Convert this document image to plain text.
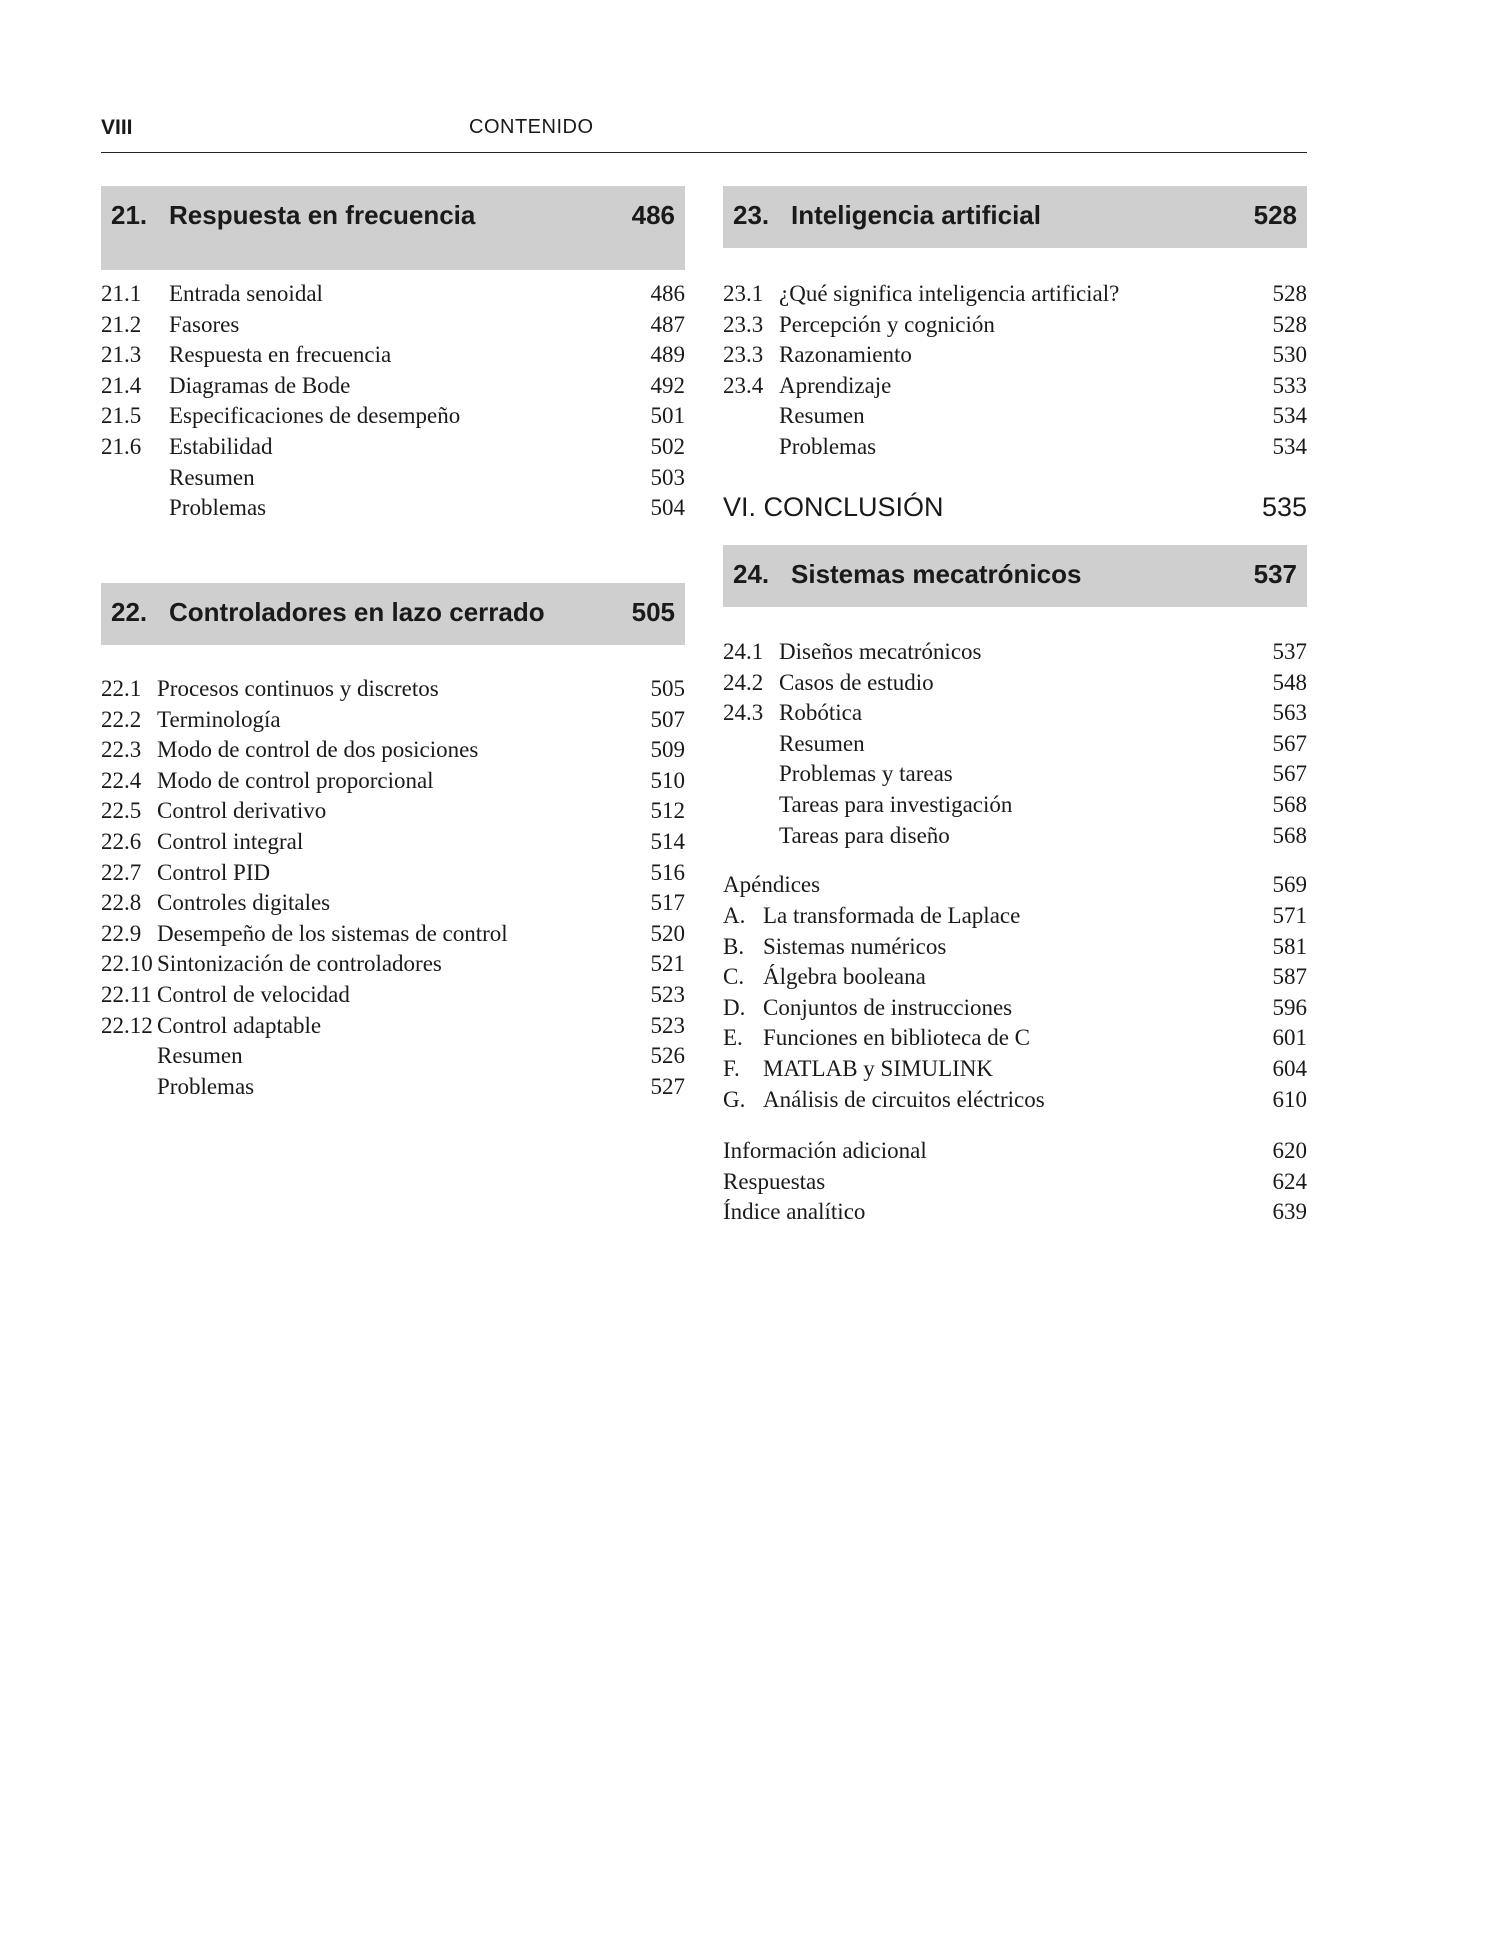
VIII	CONTENIDO
21. Respuesta en frecuencia	486
21.1 Entrada senoidal	486
21.2 Fasores	487
21.3 Respuesta en frecuencia	489
21.4 Diagramas de Bode	492
21.5 Especificaciones de desempeño	501
21.6 Estabilidad	502
Resumen	503
Problemas	504
22. Controladores en lazo cerrado	505
22.1 Procesos continuos y discretos	505
22.2 Terminología	507
22.3 Modo de control de dos posiciones	509
22.4 Modo de control proporcional	510
22.5 Control derivativo	512
22.6 Control integral	514
22.7 Control PID	516
22.8 Controles digitales	517
22.9 Desempeño de los sistemas de control	520
22.10 Sintonización de controladores	521
22.11 Control de velocidad	523
22.12 Control adaptable	523
Resumen	526
Problemas	527
23. Inteligencia artificial	528
23.1 ¿Qué significa inteligencia artificial?	528
23.3 Percepción y cognición	528
23.3 Razonamiento	530
23.4 Aprendizaje	533
Resumen	534
Problemas	534
VI. CONCLUSIÓN	535
24. Sistemas mecatrónicos	537
24.1 Diseños mecatrónicos	537
24.2 Casos de estudio	548
24.3 Robótica	563
Resumen	567
Problemas y tareas	567
Tareas para investigación	568
Tareas para diseño	568
Apéndices	569
A. La transformada de Laplace	571
B. Sistemas numéricos	581
C. Álgebra booleana	587
D. Conjuntos de instrucciones	596
E. Funciones en biblioteca de C	601
F. MATLAB y SIMULINK	604
G. Análisis de circuitos eléctricos	610
Información adicional	620
Respuestas	624
Índice analítico	639
